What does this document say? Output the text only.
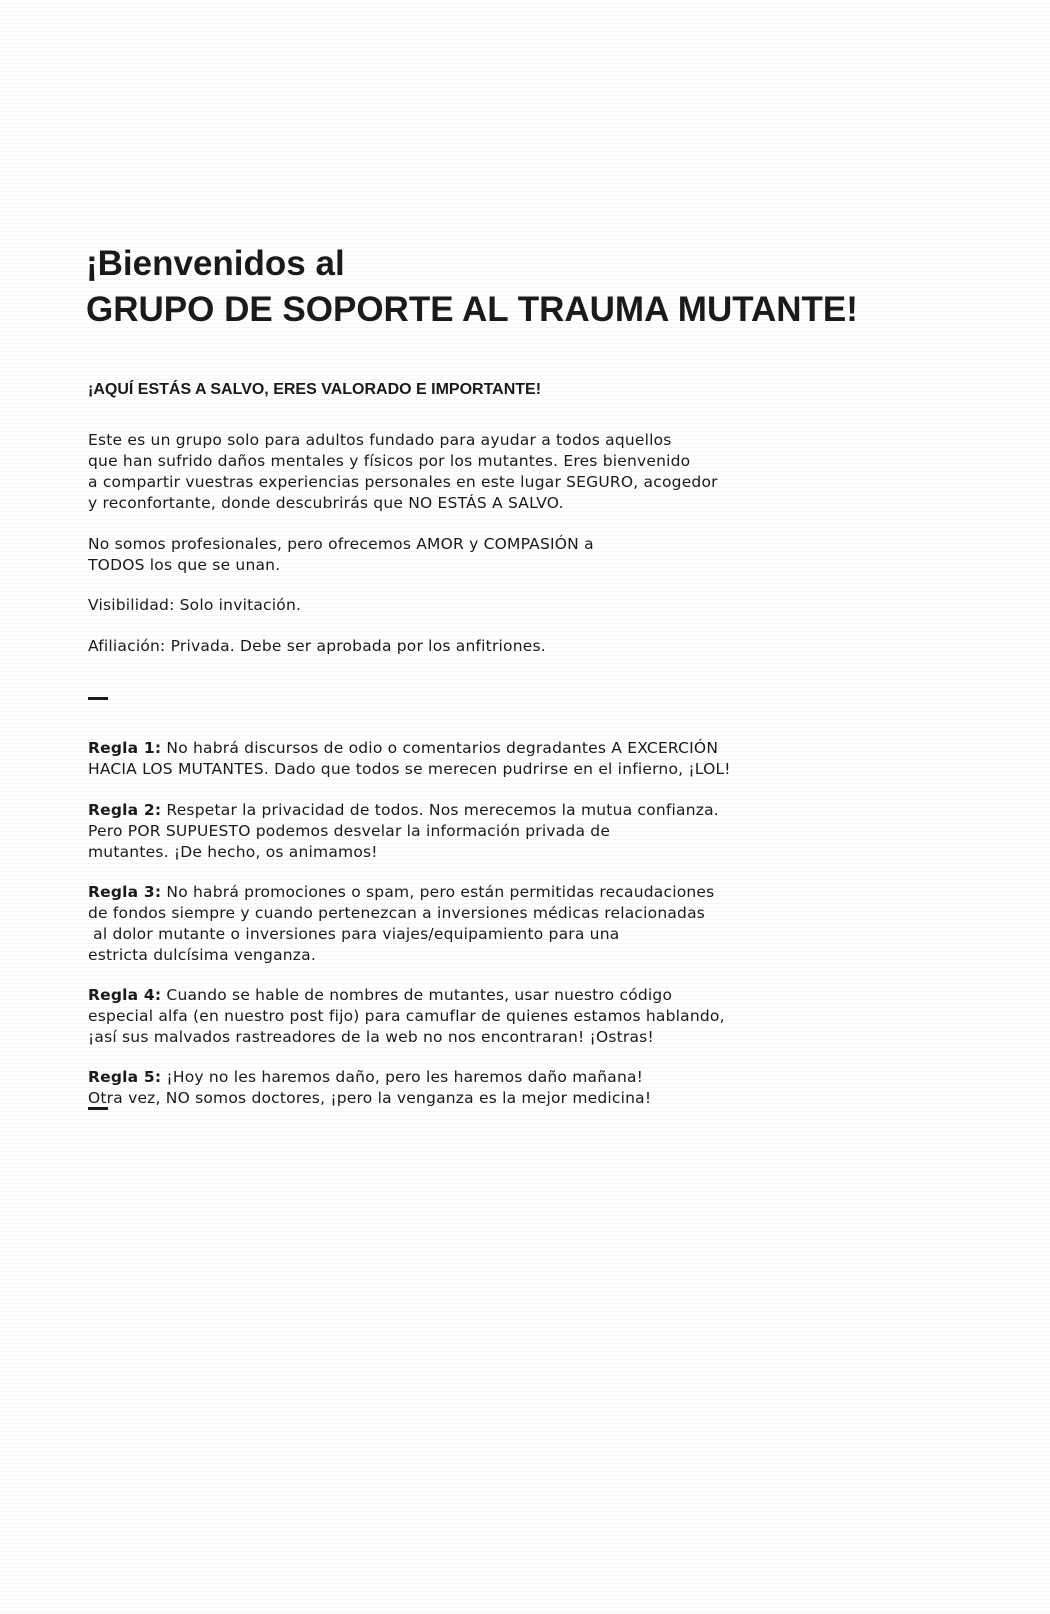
¡Bienvenidos al
GRUPO DE SOPORTE AL TRAUMA MUTANTE!

¡AQUÍ ESTÁS A SALVO, ERES VALORADO E IMPORTANTE!

Este es un grupo solo para adultos fundado para ayudar a todos aquellos
que han sufrido daños mentales y físicos por los mutantes. Eres bienvenido
a compartir vuestras experiencias personales en este lugar SEGURO, acogedor
y reconfortante, donde descubrirás que NO ESTÁS A SALVO.

No somos profesionales, pero ofrecemos AMOR y COMPASIÓN a
TODOS los que se unan.

Visibilidad: Solo invitación.

Afiliación: Privada. Debe ser aprobada por los anfitriones.

Regla 1: No habrá discursos de odio o comentarios degradantes A EXCERCIÓN
HACIA LOS MUTANTES. Dado que todos se merecen pudrirse en el infierno, ¡LOL!

Regla 2: Respetar la privacidad de todos. Nos merecemos la mutua confianza.
Pero POR SUPUESTO podemos desvelar la información privada de
mutantes. ¡De hecho, os animamos!

Regla 3: No habrá promociones o spam, pero están permitidas recaudaciones
de fondos siempre y cuando pertenezcan a inversiones médicas relacionadas
al dolor mutante o inversiones para viajes/equipamiento para una
estricta dulcísima venganza.

Regla 4: Cuando se hable de nombres de mutantes, usar nuestro código
especial alfa (en nuestro post fijo) para camuflar de quienes estamos hablando,
¡así sus malvados rastreadores de la web no nos encontraran! ¡Ostras!

Regla 5: ¡Hoy no les haremos daño, pero les haremos daño mañana!
Otra vez, NO somos doctores, ¡pero la venganza es la mejor medicina!
